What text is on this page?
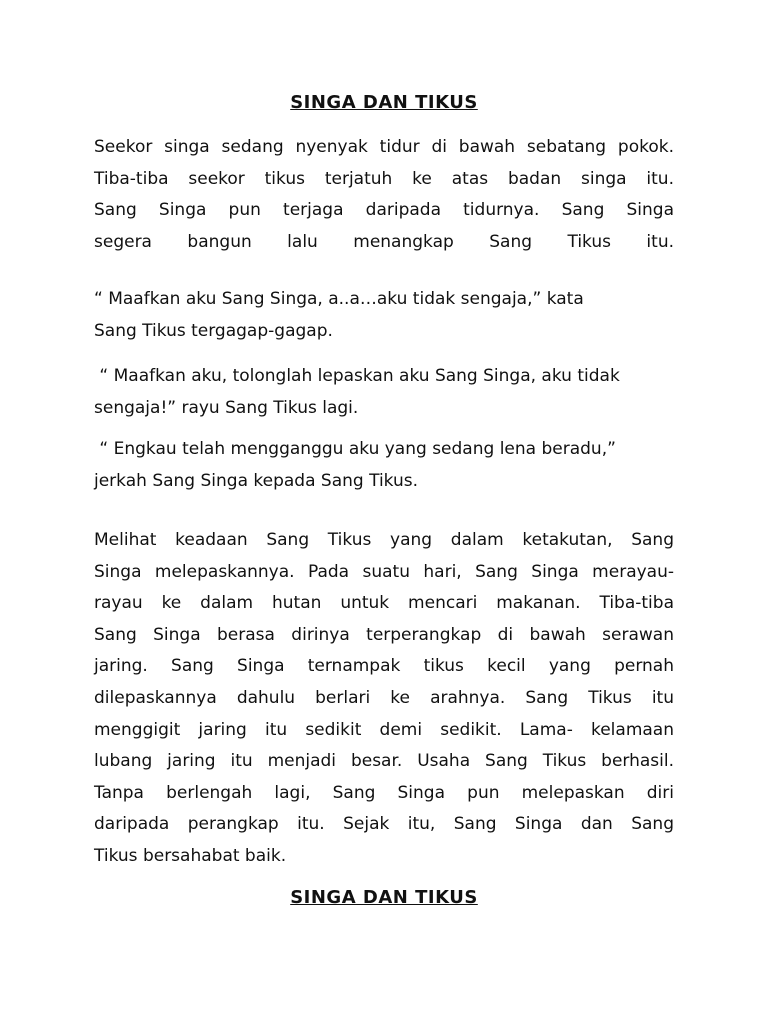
SINGA DAN TIKUS
Seekor singa sedang nyenyak tidur di bawah sebatang pokok.
Tiba-tiba seekor tikus terjatuh ke atas badan singa itu.
Sang Singa pun terjaga daripada tidurnya. Sang Singa
segera bangun lalu menangkap Sang Tikus itu.
“ Maafkan aku Sang Singa, a..a…aku tidak sengaja,” kata
Sang Tikus tergagap-gagap.
“ Maafkan aku, tolonglah lepaskan aku Sang Singa, aku tidak
sengaja!” rayu Sang Tikus lagi.
“ Engkau telah mengganggu aku yang sedang lena beradu,”
jerkah Sang Singa kepada Sang Tikus.
Melihat keadaan Sang Tikus yang dalam ketakutan, Sang
Singa melepaskannya. Pada suatu hari, Sang Singa merayau-
rayau ke dalam hutan untuk mencari makanan. Tiba-tiba
Sang Singa berasa dirinya terperangkap di bawah serawan
jaring. Sang Singa ternampak tikus kecil yang pernah
dilepaskannya dahulu berlari ke arahnya. Sang Tikus itu
menggigit jaring itu sedikit demi sedikit. Lama- kelamaan
lubang jaring itu menjadi besar. Usaha Sang Tikus berhasil.
Tanpa berlengah lagi, Sang Singa pun melepaskan diri
daripada perangkap itu. Sejak itu, Sang Singa dan Sang
Tikus bersahabat baik.
SINGA DAN TIKUS
